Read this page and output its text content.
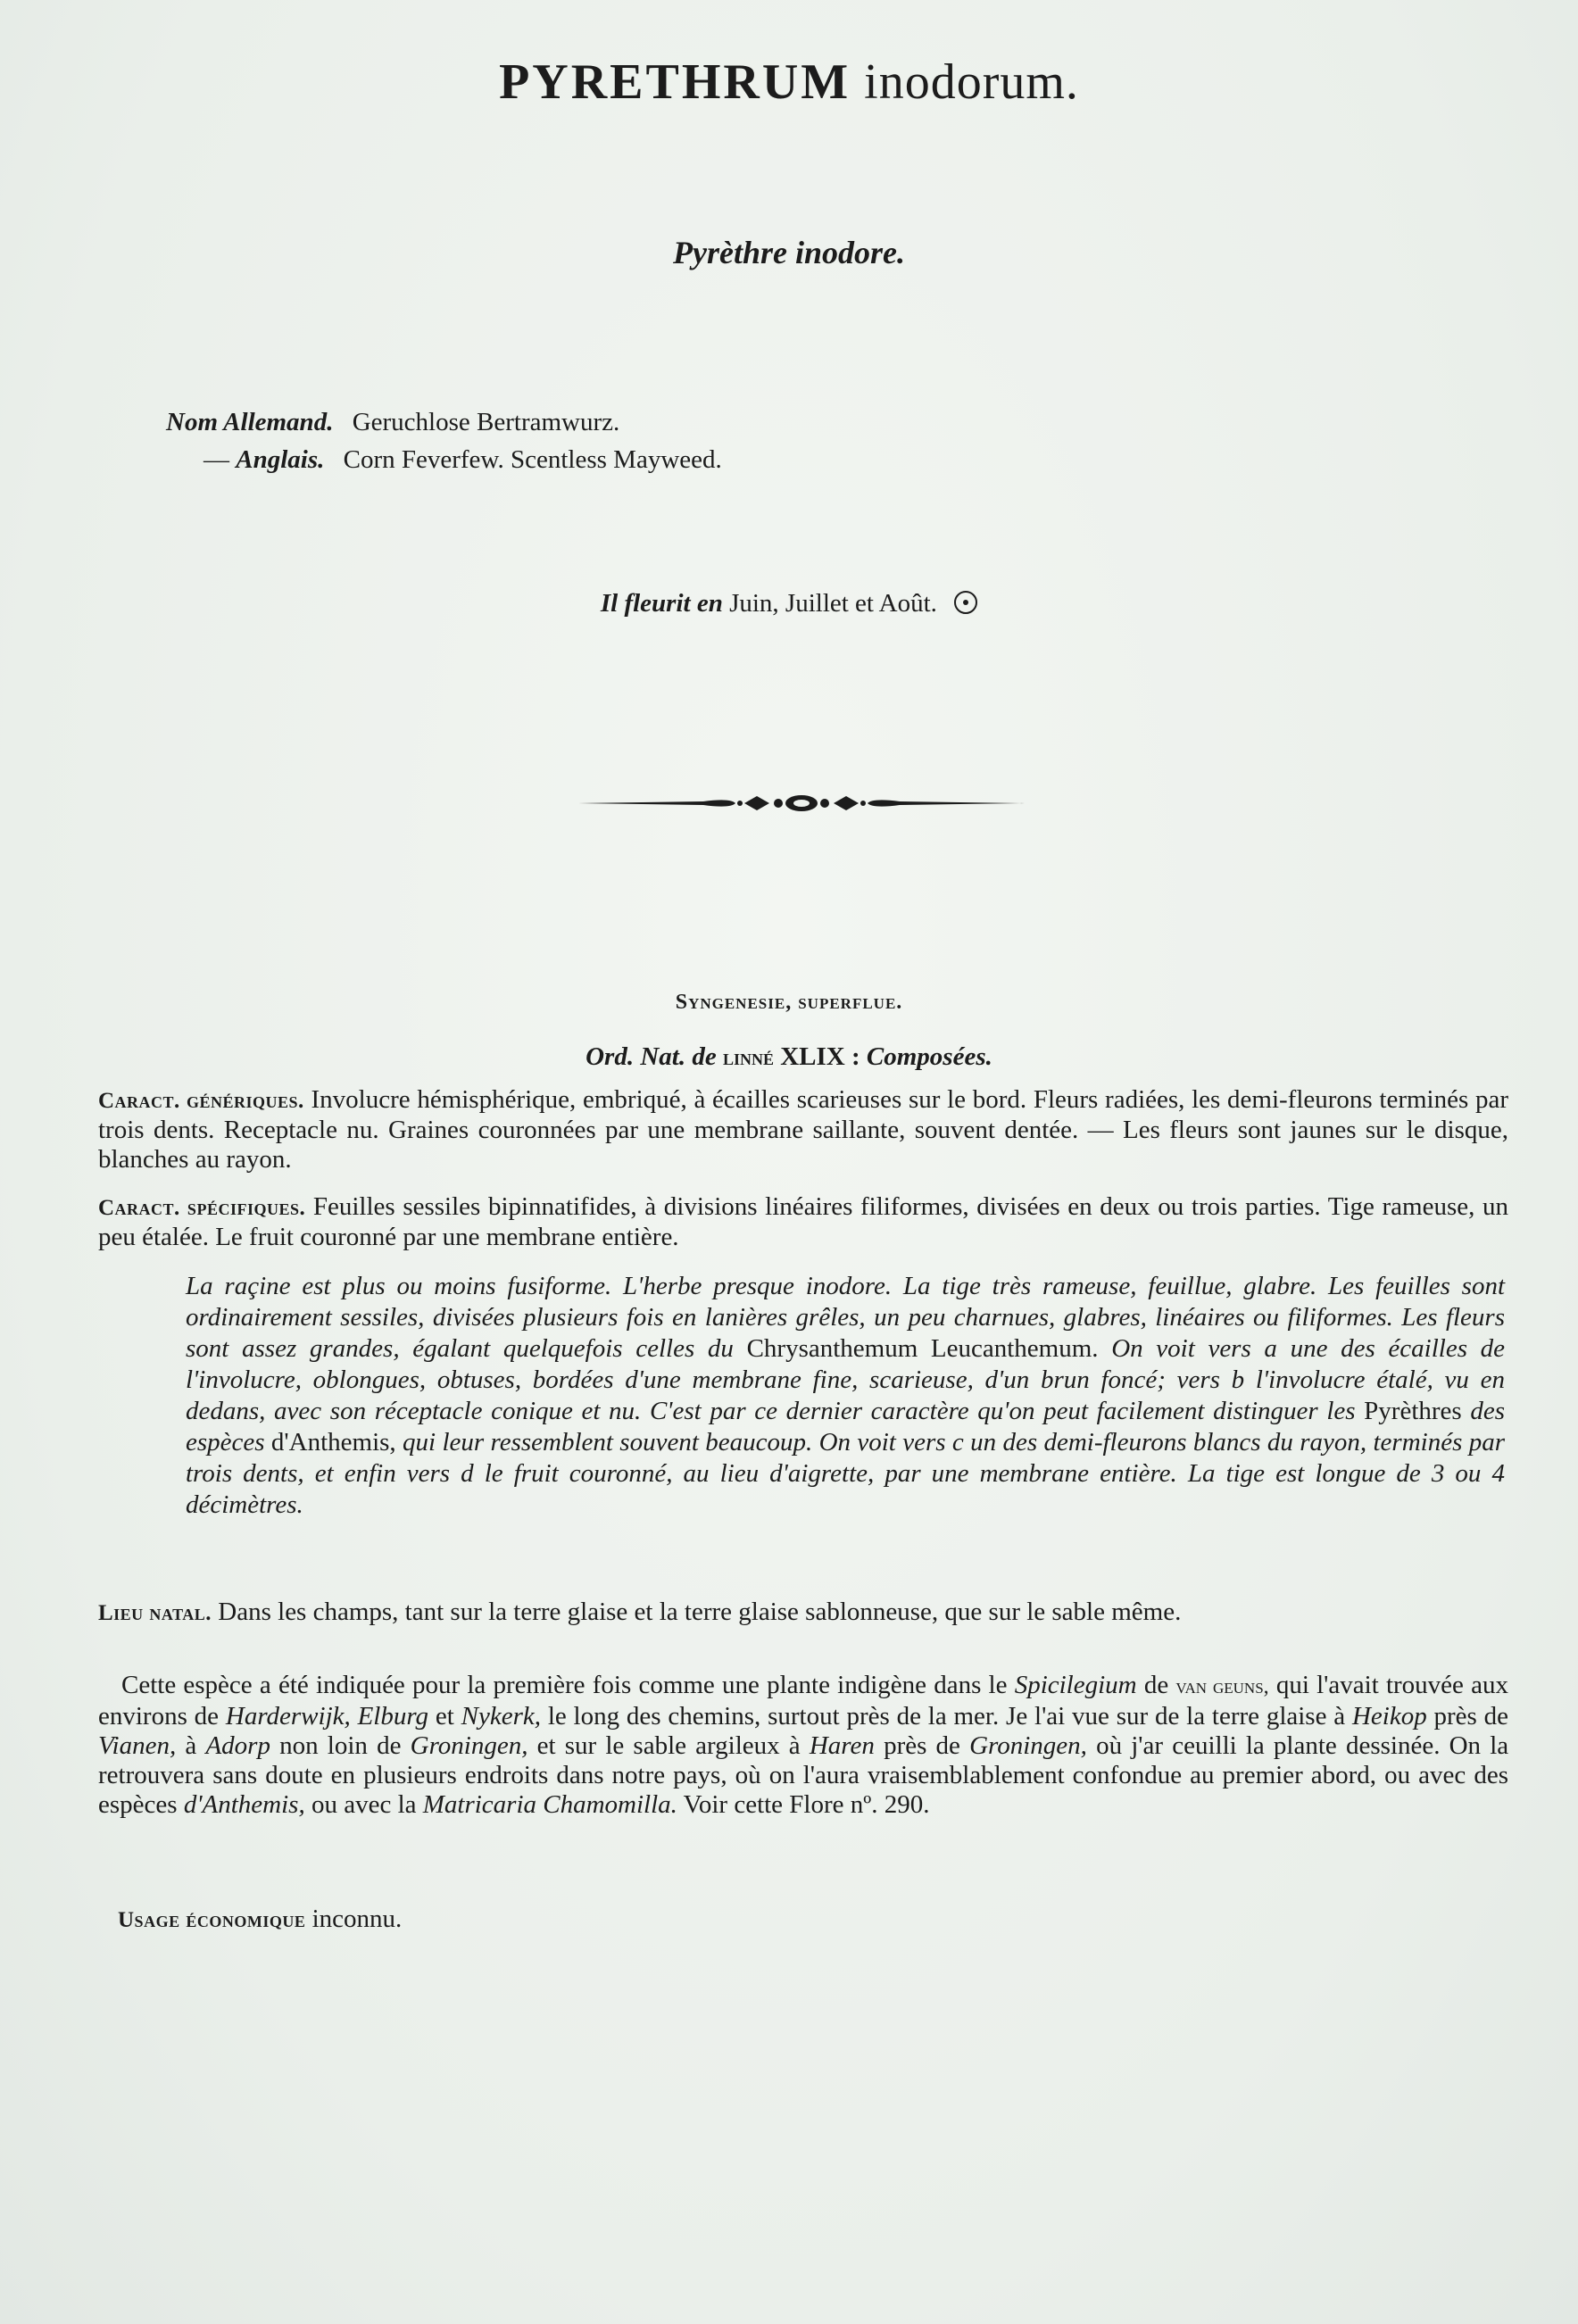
PYRETHRUM inodorum.
Pyrèthre inodore.
Nom Allemand. Geruchlose Bertramwurz.
— Anglais. Corn Feverfew. Scentless Mayweed.
Il fleurit en Juin, Juillet et Août.
Syngenesie, superflue.
Ord. Nat. de linné XLIX : Composées.
Caract. génériques. Involucre hémisphérique, embriqué, à écailles scarieuses sur le bord. Fleurs radiées, les demi-fleurons terminés par trois dents. Receptacle nu. Graines couronnées par une membrane saillante, souvent dentée. — Les fleurs sont jaunes sur le disque, blanches au rayon.
Caract. spécifiques. Feuilles sessiles bipinnatifides, à divisions linéaires filiformes, divisées en deux ou trois parties. Tige rameuse, un peu étalée. Le fruit couronné par une membrane entière.
La raçine est plus ou moins fusiforme. L'herbe presque inodore. La tige très rameuse, feuillue, glabre. Les feuilles sont ordinairement sessiles, divisées plusieurs fois en lanières grêles, un peu charnues, glabres, linéaires ou filiformes. Les fleurs sont assez grandes, égalant quelquefois celles du Chrysanthemum Leucanthemum. On voit vers a une des écailles de l'involucre, oblongues, obtuses, bordées d'une membrane fine, scarieuse, d'un brun foncé; vers b l'involucre étalé, vu en dedans, avec son réceptacle conique et nu. C'est par ce dernier caractère qu'on peut facilement distinguer les Pyrèthres des espèces d'Anthemis, qui leur ressemblent souvent beaucoup. On voit vers c un des demi-fleurons blancs du rayon, terminés par trois dents, et enfin vers d le fruit couronné, au lieu d'aigrette, par une membrane entière. La tige est longue de 3 ou 4 décimètres.
Lieu natal. Dans les champs, tant sur la terre glaise et la terre glaise sablonneuse, que sur le sable même.
Cette espèce a été indiquée pour la première fois comme une plante indigène dans le Spicilegium de van geuns, qui l'avait trouvée aux environs de Harderwijk, Elburg et Nykerk, le long des chemins, surtout près de la mer. Je l'ai vue sur de la terre glaise à Heikop près de Vianen, à Adorp non loin de Groningen, et sur le sable argileux à Haren près de Groningen, où j'ar ceuilli la plante dessinée. On la retrouvera sans doute en plusieurs endroits dans notre pays, où on l'aura vraisemblablement confondue au premier abord, ou avec des espèces d'Anthemis, ou avec la Matricaria Chamomilla. Voir cette Flore nº. 290.
Usage économique inconnu.
